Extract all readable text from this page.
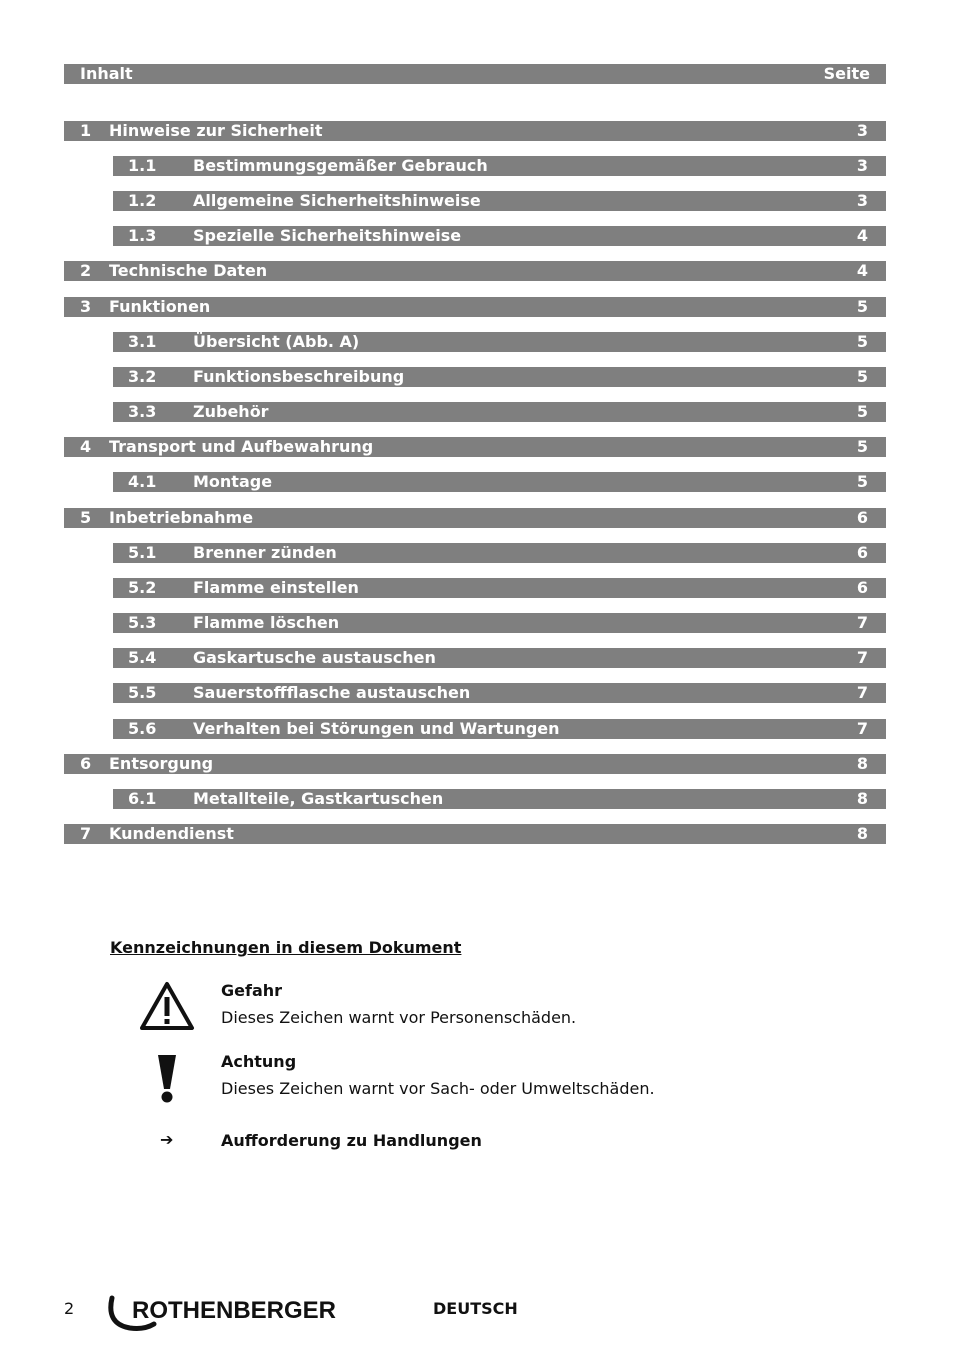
Inhalt	Seite
1 Hinweise zur Sicherheit	3
1.1 Bestimmungsgemäßer Gebrauch	3
1.2 Allgemeine Sicherheitshinweise	3
1.3 Spezielle Sicherheitshinweise	4
2 Technische Daten	4
3 Funktionen	5
3.1 Übersicht (Abb. A)	5
3.2 Funktionsbeschreibung	5
3.3 Zubehör	5
4 Transport und Aufbewahrung	5
4.1 Montage	5
5 Inbetriebnahme	6
5.1 Brenner zünden	6
5.2 Flamme einstellen	6
5.3 Flamme löschen	7
5.4 Gaskartusche austauschen	7
5.5 Sauerstoffflasche austauschen	7
5.6 Verhalten bei Störungen und Wartungen	7
6 Entsorgung	8
6.1 Metallteile, Gastkartuschen	8
7 Kundendienst	8
Kennzeichnungen in diesem Dokument
Gefahr
Dieses Zeichen warnt vor Personenschäden.
Achtung
Dieses Zeichen warnt vor Sach- oder Umweltschäden.
➔	Aufforderung zu Handlungen
2 ROTHENBERGER	DEUTSCH
